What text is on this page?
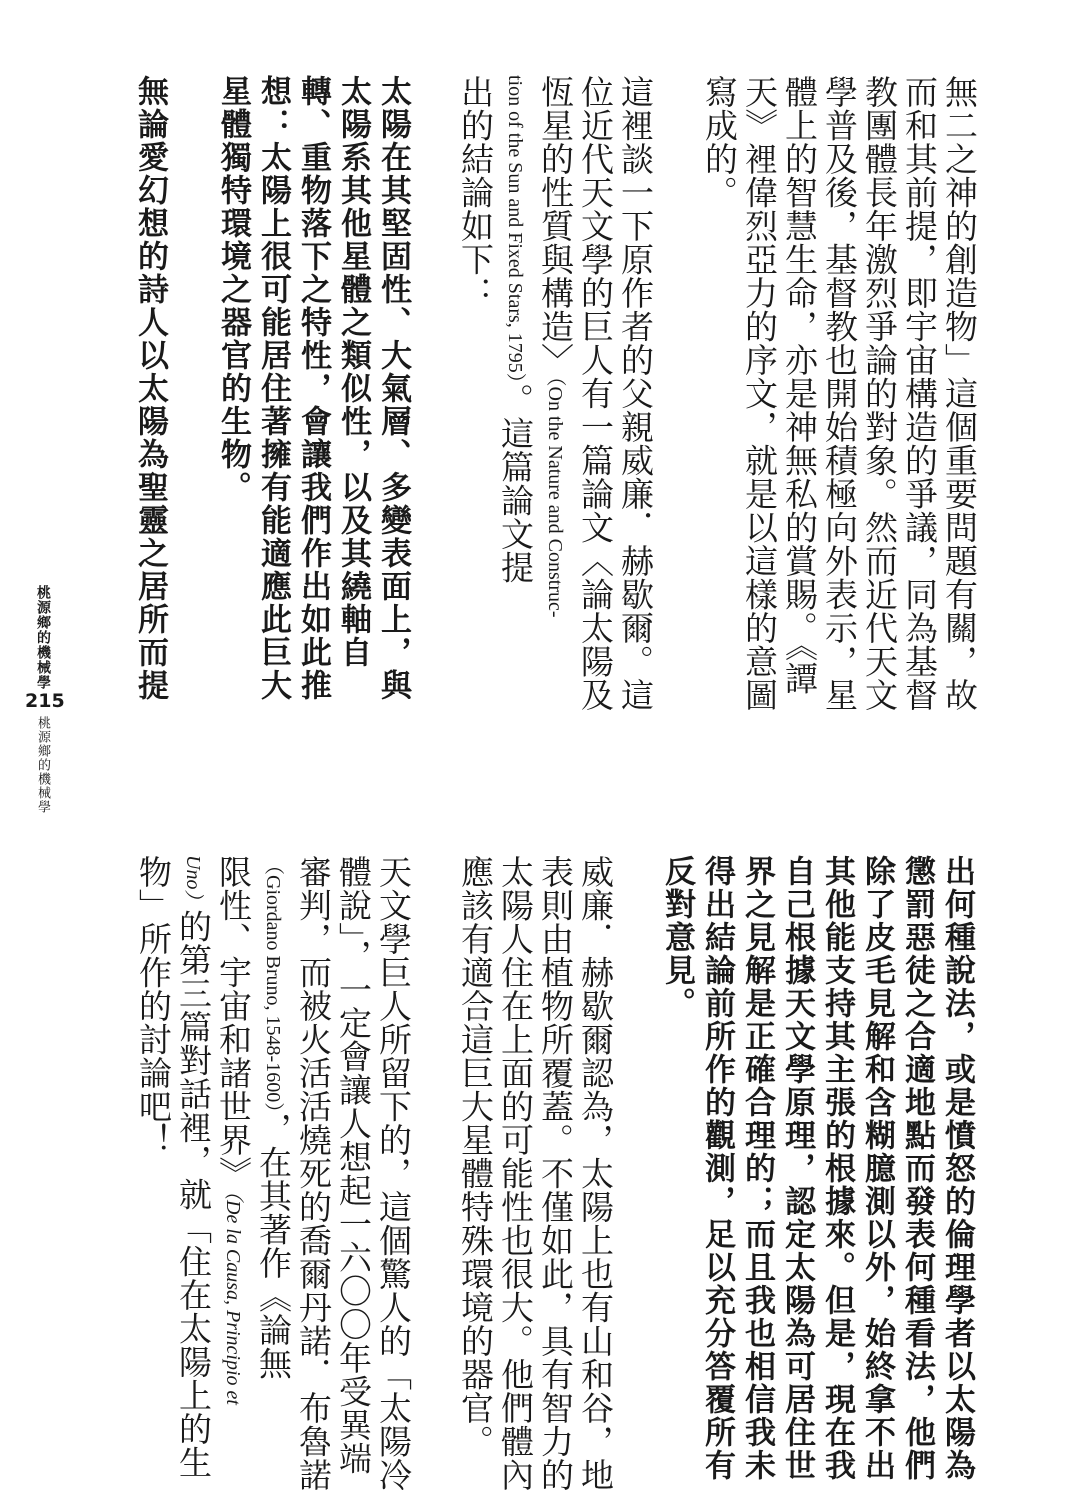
無二之神的創造物」這個重要問題有關，故
而和其前提，即宇宙構造的爭議，同為基督
教團體長年激烈爭論的對象。然而近代天文
學普及後，基督教也開始積極向外表示，星
體上的智慧生命，亦是神無私的賞賜。《譚
天》裡偉烈亞力的序文，就是以這樣的意圖
寫成的。
這裡談一下原作者的父親威廉．赫歇爾。這
位近代天文學的巨人有一篇論文〈論太陽及
恆星的性質與構造〉（On the Nature and Construc-
tion of the Sun and Fixed Stars, 1795）。這篇論文提
出的結論如下：
太陽在其堅固性、大氣層、多變表面上，與
太陽系其他星體之類似性，以及其繞軸自
轉、重物落下之特性，會讓我們作出如此推
想：太陽上很可能居住著擁有能適應此巨大
星體獨特環境之器官的生物。
無論愛幻想的詩人以太陽為聖靈之居所而提
出何種說法，或是憤怒的倫理學者以太陽為
懲罰惡徒之合適地點而發表何種看法，他們
除了皮毛見解和含糊臆測以外，始終拿不出
其他能支持其主張的根據來。但是，現在我
自己根據天文學原理，認定太陽為可居住世
界之見解是正確合理的；而且我也相信我未
得出結論前所作的觀測，足以充分答覆所有
反對意見。
威廉．赫歇爾認為，太陽上也有山和谷，地
表則由植物所覆蓋。不僅如此，具有智力的
太陽人住在上面的可能性也很大。他們體內
應該有適合這巨大星體特殊環境的器官。
天文學巨人所留下的，這個驚人的「太陽冷
體說」，一定會讓人想起一六〇〇年受異端
審判，而被火活活燒死的喬爾丹諾．布魯諾
（Giordano Bruno, 1548-1600），在其著作《論無
限性、宇宙和諸世界》（De la Causa, Principio et
Uno）的第三篇對話裡，就「住在太陽上的生
物」所作的討論吧！
桃源鄉的機械學
215
桃源鄉的機械學
